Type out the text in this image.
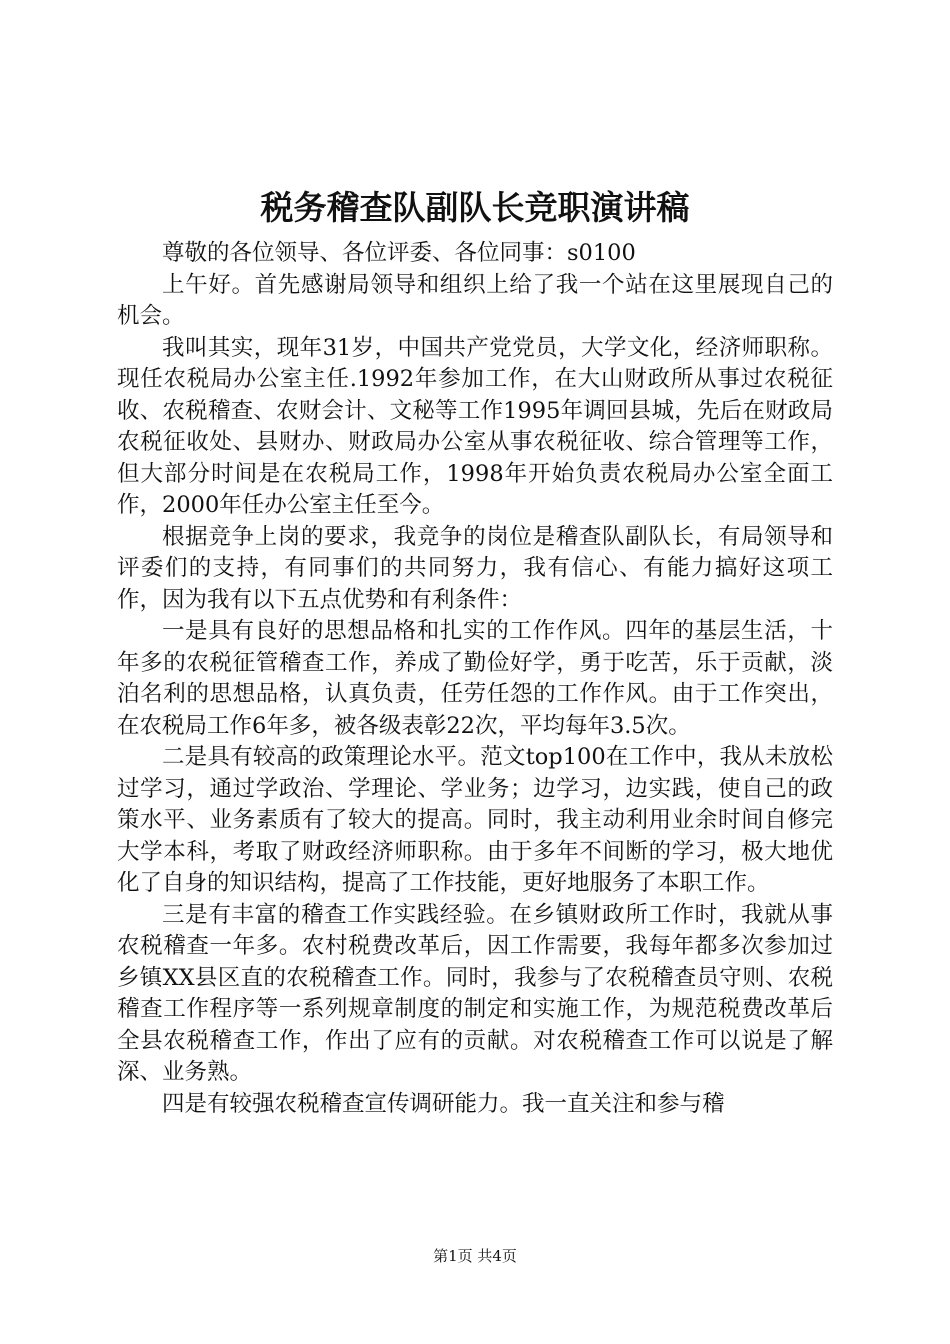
税务稽查队副队长竞职演讲稿

尊敬的各位领导、各位评委、各位同事：s0100

上午好。首先感谢局领导和组织上给了我一个站在这里展现自己的机会。

我叫其实，现年31岁，中国共产党党员，大学文化，经济师职称。现任农税局办公室主任.1992年参加工作，在大山财政所从事过农税征收、农税稽查、农财会计、文秘等工作1995年调回县城，先后在财政局农税征收处、县财办、财政局办公室从事农税征收、综合管理等工作，但大部分时间是在农税局工作，1998年开始负责农税局办公室全面工作，2000年任办公室主任至今。

根据竞争上岗的要求，我竞争的岗位是稽查队副队长，有局领导和评委们的支持，有同事们的共同努力，我有信心、有能力搞好这项工作，因为我有以下五点优势和有利条件：

一是具有良好的思想品格和扎实的工作作风。四年的基层生活，十年多的农税征管稽查工作，养成了勤俭好学，勇于吃苦，乐于贡献，淡泊名利的思想品格，认真负责，任劳任怨的工作作风。由于工作突出，在农税局工作6年多，被各级表彰22次，平均每年3.5次。

二是具有较高的政策理论水平。范文top100在工作中，我从未放松过学习，通过学政治、学理论、学业务；边学习，边实践，使自己的政策水平、业务素质有了较大的提高。同时，我主动利用业余时间自修完大学本科，考取了财政经济师职称。由于多年不间断的学习，极大地优化了自身的知识结构，提高了工作技能，更好地服务了本职工作。

三是有丰富的稽查工作实践经验。在乡镇财政所工作时，我就从事农税稽查一年多。农村税费改革后，因工作需要，我每年都多次参加过乡镇XX县区直的农税稽查工作。同时，我参与了农税稽查员守则、农税稽查工作程序等一系列规章制度的制定和实施工作，为规范税费改革后全县农税稽查工作，作出了应有的贡献。对农税稽查工作可以说是了解深、业务熟。

四是有较强农税稽查宣传调研能力。我一直关注和参与稽

第1页 共4页
